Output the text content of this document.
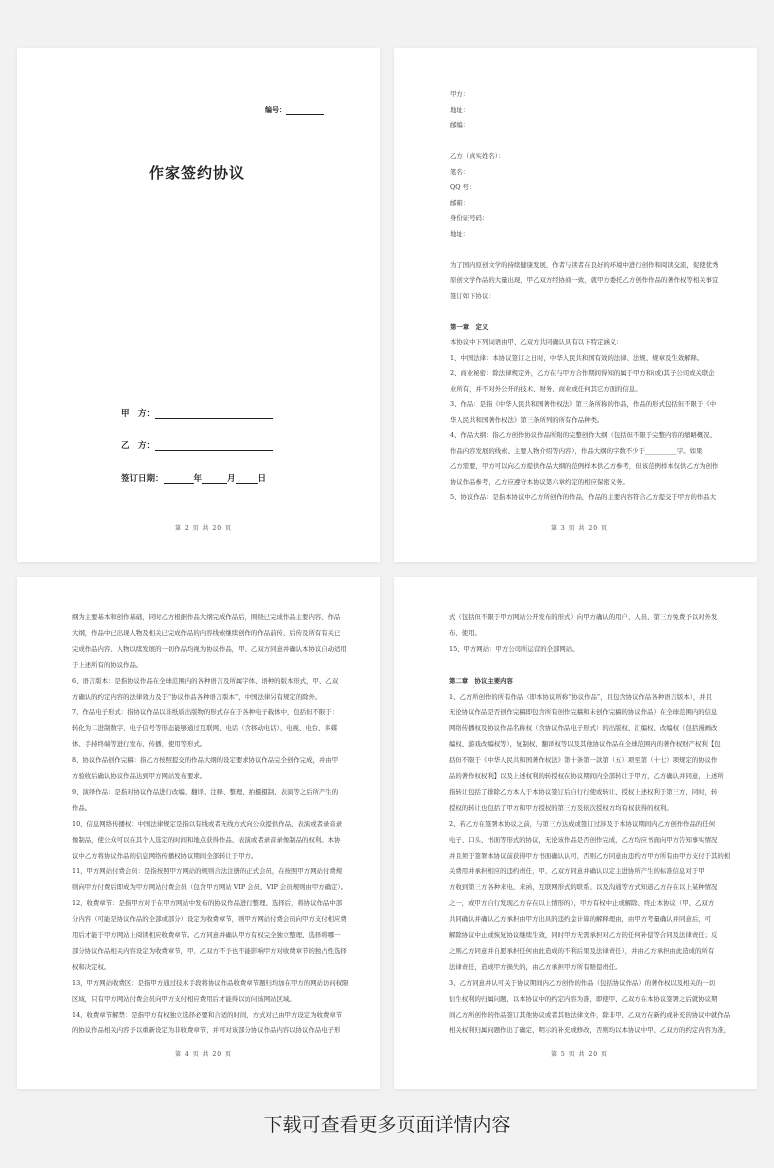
编号：
作家签约协议
甲　方：
乙　方：
签订日期：	年	月	日
第 2 页 共 20 页
甲方：
地址：
邮编：
乙方（真实姓名）：
笔名：
QQ 号：
邮箱：
身份证号码：
地址：
为了国内原创文学的持续健康发展，作者与读者在良好的环境中进行创作和阅读交流，促使优秀
原创文学作品的大量出现，甲乙双方经协商一致，就甲方委托乙方创作作品的著作权等相关事宜
签订如下协议：
第一章　定义
本协议中下列词语由甲、乙双方共同确认具有以下特定涵义：
1、中国法律：本协议签订之日时，中华人民共和国有效的法律、法规、规章及生效解释。
2、商业秘密：除法律规定外，乙方在与甲方合作期间得知的属于甲方和(或)其子公司或关联企
业所有，并不对外公开的技术、财务、商业或任何其它方面的信息。
3、作品：是指《中华人民共和国著作权法》第三条所称的作品，作品的形式包括但不限于《中
华人民共和国著作权法》第三条所列的所有作品种类。
4、作品大纲：指乙方创作协议作品所附的完整创作大纲（包括但不限于完整内容的缩略概况、
作品内容发展的线索、主要人物介绍等内容），作品大纲的字数不少于__________字。如果
乙方需要，甲方可以向乙方提供作品大纲的范例样本供乙方参考，但该范例样本仅供乙方为创作
协议作品参考，乙方应遵守本协议第六章约定的相应保密义务。
5、协议作品：是指本协议中乙方所创作的作品，作品的主要内容符合乙方提交于甲方的作品大
第 3 页 共 20 页
纲为主要基本和创作基础，同时乙方根据作品大纲完成作品后，围绕已完成作品主要内容、作品
大纲，作品中已出现人物及相关已完成作品的内容线索继续创作的作品前传、后传及所有有关已
完成作品内容、人物以续发展的一切作品均视为协议作品，甲、乙双方同意并确认本协议自动适用
于上述所有的协议作品。
6、语言版本：是指协议作品在全球范围内的各种语言及所属字体、语种的版本形式，甲、乙双
方确认的约定内容的法律效力及于“协议作品各种语言版本”，中国法律另有规定的除外。
7、作品电子形式：指协议作品以非纸质出版物的形式存在于各种电子载体中，包括但不限于：
转化为二进制数字、电子信号等形态能够通过互联网、电话（含移动电话）、电视、电台、多媒
体、手持终端等进行发布、传播、使用等形式。
8、协议作品创作完稿：指乙方按照提交的作品大纲的设定要求协议作品完全创作完成，并由甲
方验收后确认协议作品达到甲方网站发布要求。
9、演绎作品：是指对协议作品进行改编、翻译、注释、整理、拍摄摄制、表演等之后所产生的
作品。
10、信息网络传播权：中国法律规定是指以有线或者无线方式向公众提供作品、表演或者录音录
像制品，使公众可以在其个人选定的时间和地点获得作品、表演或者录音录像制品的权利。本协
议中乙方将协议作品的信息网络传播权协议期间全部转让于甲方。
11、甲方网站付费会员：是指按照甲方网站的规则合法注册的正式会员，在按照甲方网站付费规
则向甲方付费后即成为甲方网站付费会员（包含甲方网站 VIP 会员、VIP 会员规则由甲方确定）。
12、收费章节：是指甲方对于在甲方网站中发布的协议作品进行整理、选择后，将协议作品中部
分内容（可能是协议作品的全部或部分）设定为收费章节，则甲方网站付费会员向甲方支付相应费
用后才能于甲方网站上阅读相应收费章节。乙方同意并确认甲方有权完全独立整理、选择将哪一
部分协议作品相关内容设定为收费章节，甲、乙双方不予也不能影响甲方对收费章节的独占性选择
权和决定权。
13、甲方网站收费区：是指甲方通过技术手段将协议作品收费章节题归均加在甲方的网站访问权限
区域，只有甲方网站付费会员向甲方支付相应费用后才能得以访问该网站区域。
14、收费章节解禁：是指甲方有权独立选择必要和合适的时间，方式对已由甲方设定为收费章节
的协议作品相关内容予以重新设定为非收费章节，并可对该部分协议作品内容以协议作品电子形
第 4 页 共 20 页
式（包括但不限于甲方网站公开发布的形式）向甲方确认的用户、人员、第三方免费予以对外发
布、使用。
15、甲方网站：甲方公司所运营的全部网站。
第二章　协议主要内容
1、乙方所创作的所有作品（即本协议所称“协议作品”，且包含协议作品各种语言版本），并且
无论协议作品是否创作完稿即包含所有创作完稿和未创作完稿的协议作品）在全球范围内的信息
网络传播权及协议作品名称权（含协议作品电子形式）的出版权、汇编权、改编权（包括漫画改
编权、游戏改编权等），复制权、翻译权等以及其他协议作品在全球范围内的著作权财产权利【包
括但不限于《中华人民共和国著作权法》第十条第一款第（五）项至第（十七）项规定的协议作
品的著作权权利】以及上述权利的转授权在协议期间内全部转让于甲方，乙方确认并同意，上述所
指转让包括了排除乙方本人于本协议签订后自行行使或转让、授权上述权利于第三方，同时，转
授权的转让也包括了甲方和甲方授权的第三方及依次授权方均有权获得的权利。
2、若乙方在签署本协议之前，与第三方达成或签订过涉及于本协议期间内乙方创作作品的任何
电子、口头、书面等形式的协议，无论该作品是否创作完成，乙方均应书面向甲方告知事实情况
并且须于签署本协议前获得甲方书面确认认可，否则乙方同意由违约方甲方所有由甲方支付于其的相
关费用并承担相应的违约责任，甲、乙双方同意并确认以定主进协所产生的标准信息对于甲
方收到第三方各种来电、来函、互联网形式的联系、以及沟通等方式知道乙方存在以上某种情况
之一，或甲方自行发现乙方存在以上情形的），甲方有权中止或解除、终止本协议（甲、乙双方
共同确认并确认乙方承担由甲方出具的违约金计算的解释理由，由甲方考量确认并同意后，可
解除协议中止或恢复协议继续生效，同时甲方无需承担对乙方的任何补偿等合同及法律责任；反
之则乙方同意并自愿承担任何由此造成的不利后果及法律责任），并由乙方承担由此造成的所有
法律责任，造成甲方损失的，由乙方承担甲方所有赔偿责任。
3、乙方同意并认可关于协议期间内乙方创作的作品（包括协议作品）的著作权以及相关的一切
衍生权利的归属问题，以本协议中的约定内容为准，即使甲、乙双方在本协议签署之后就协议期
间乙方所创作的作品签订其他协议或者其他法律文件，除非甲、乙双方在新约或补充的协议中就作品
相关权利归属问题作出了确定、明示的补充或修改，否则均以本协议中甲、乙双方的约定内容为准，
第 5 页 共 20 页
下载可查看更多页面详情内容
